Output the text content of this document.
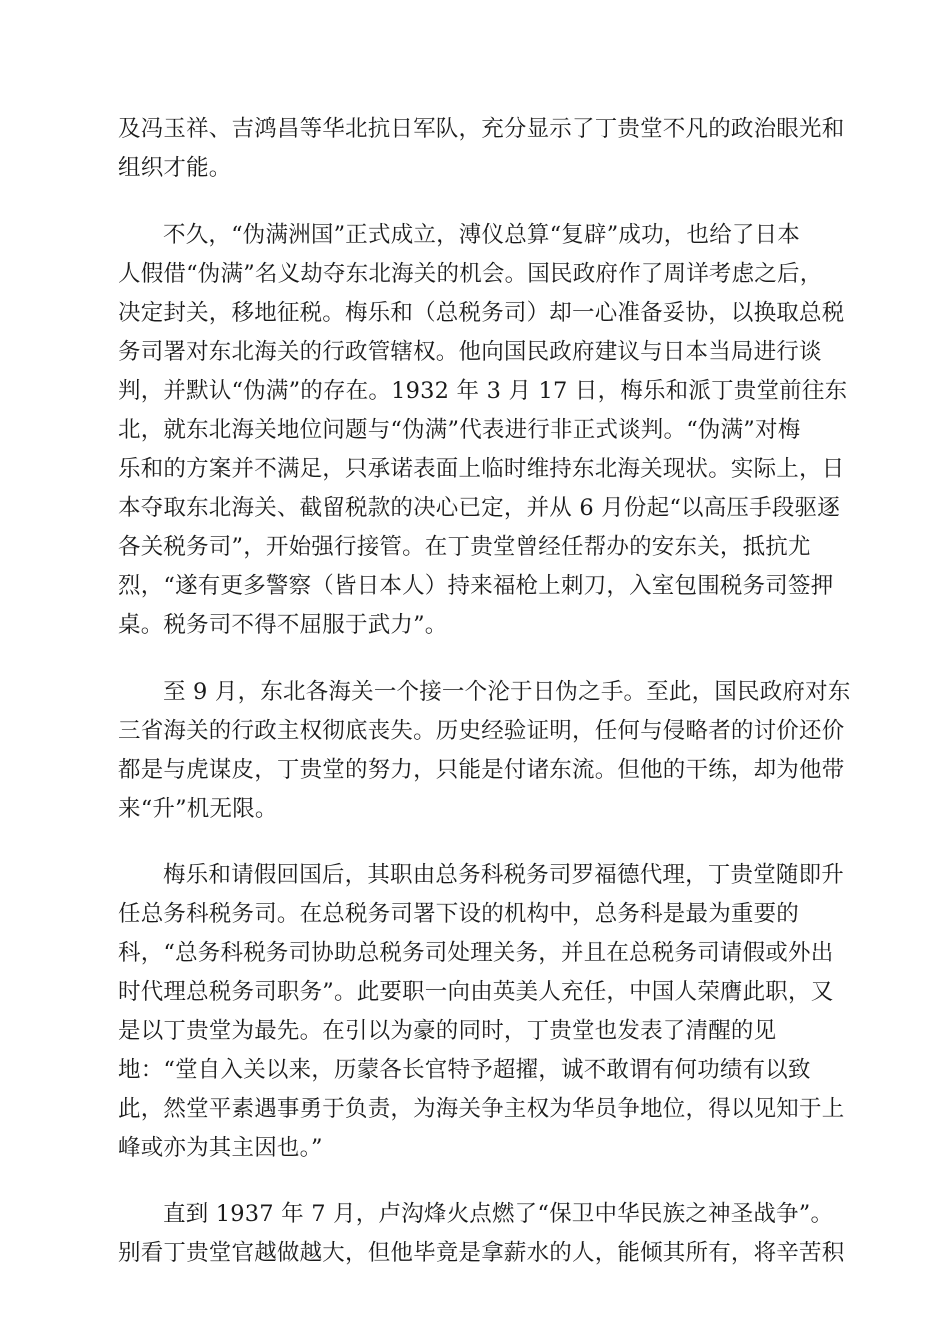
及冯玉祥、吉鸿昌等华北抗日军队，充分显示了丁贵堂不凡的政治眼光和
组织才能。

不久，“伪满洲国”正式成立，溥仪总算“复辟”成功，也给了日本
人假借“伪满”名义劫夺东北海关的机会。国民政府作了周详考虑之后，
决定封关，移地征税。梅乐和（总税务司）却一心准备妥协，以换取总税
务司署对东北海关的行政管辖权。他向国民政府建议与日本当局进行谈
判，并默认“伪满”的存在。1932 年 3 月 17 日，梅乐和派丁贵堂前往东
北，就东北海关地位问题与“伪满”代表进行非正式谈判。“伪满”对梅
乐和的方案并不满足，只承诺表面上临时维持东北海关现状。实际上，日
本夺取东北海关、截留税款的决心已定，并从 6 月份起“以高压手段驱逐
各关税务司”，开始强行接管。在丁贵堂曾经任帮办的安东关，抵抗尤
烈，“遂有更多警察（皆日本人）持来福枪上刺刀，入室包围税务司签押
桌。税务司不得不屈服于武力”。

至 9 月，东北各海关一个接一个沦于日伪之手。至此，国民政府对东
三省海关的行政主权彻底丧失。历史经验证明，任何与侵略者的讨价还价
都是与虎谋皮，丁贵堂的努力，只能是付诸东流。但他的干练，却为他带
来“升”机无限。

梅乐和请假回国后，其职由总务科税务司罗福德代理，丁贵堂随即升
任总务科税务司。在总税务司署下设的机构中，总务科是最为重要的
科，“总务科税务司协助总税务司处理关务，并且在总税务司请假或外出
时代理总税务司职务”。此要职一向由英美人充任，中国人荣膺此职，又
是以丁贵堂为最先。在引以为豪的同时，丁贵堂也发表了清醒的见
地：“堂自入关以来，历蒙各长官特予超擢，诚不敢谓有何功绩有以致
此，然堂平素遇事勇于负责，为海关争主权为华员争地位，得以见知于上
峰或亦为其主因也。”

直到 1937 年 7 月，卢沟烽火点燃了“保卫中华民族之神圣战争”。
别看丁贵堂官越做越大，但他毕竟是拿薪水的人，能倾其所有，将辛苦积
